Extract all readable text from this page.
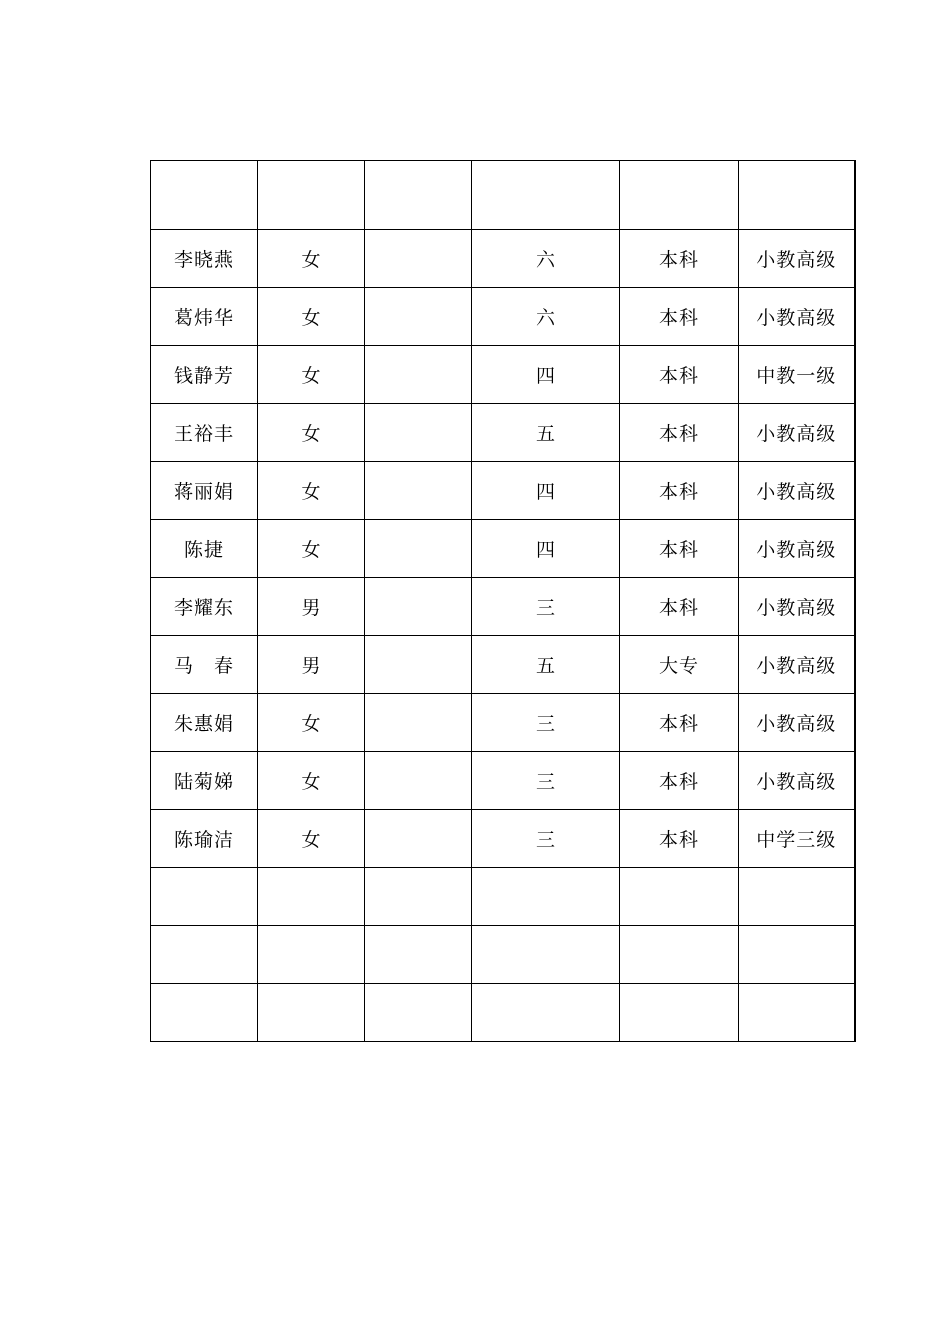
李晓燕	女		六	本科	小教高级
葛炜华	女		六	本科	小教高级
钱静芳	女		四	本科	中教一级
王裕丰	女		五	本科	小教高级
蒋丽娟	女		四	本科	小教高级
陈捷	女		四	本科	小教高级
李耀东	男		三	本科	小教高级
马　春	男		五	大专	小教高级
朱惠娟	女		三	本科	小教高级
陆菊娣	女		三	本科	小教高级
陈瑜洁	女		三	本科	中学三级
